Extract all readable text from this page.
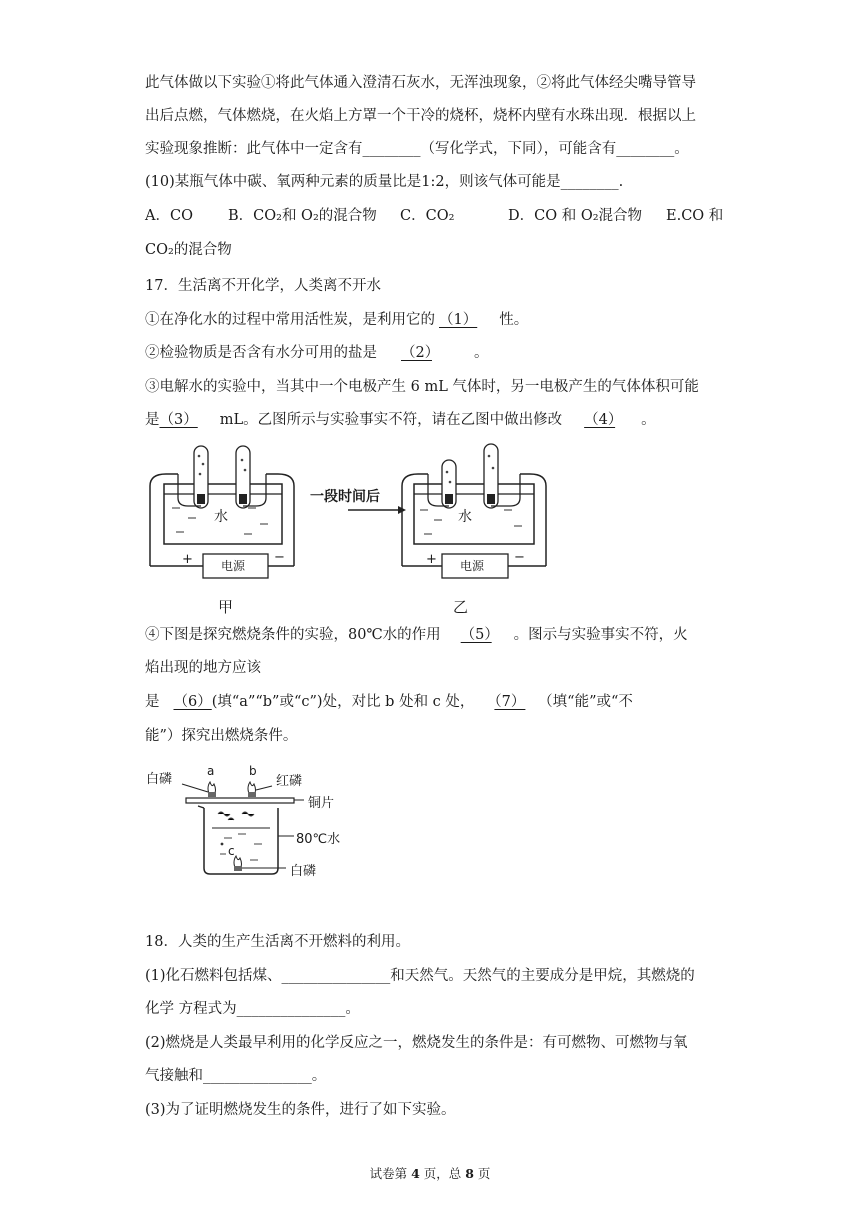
此气体做以下实验①将此气体通入澄清石灰水，无浑浊现象，②将此气体经尖嘴导管导
出后点燃，气体燃烧，在火焰上方罩一个干冷的烧杯，烧杯内壁有水珠出现．根据以上
实验现象推断：此气体中一定含有________（写化学式，下同），可能含有________。
(10)某瓶气体中碳、氧两种元素的质量比是1:2，则该气体可能是________.
A．CO B．CO₂和 O₂的混合物 C．CO₂	D．CO 和 O₂混合物 E.CO 和
CO₂的混合物
17．生活离不开化学，人类离不开水
①在净化水的过程中常用活性炭，是利用它的 （1） 性。
②检验物质是否含有水分可用的盐是 （2）	。
③电解水的实验中，当其中一个电极产生 6 mL 气体时，另一电极产生的气体体积可能
是（3） mL。乙图所示与实验事实不符，请在乙图中做出修改 （4） 。
水
电源
+	−
一段时间后
水
电源
+	−
甲	乙
④下图是探究燃烧条件的实验，80℃水的作用 （5） 。图示与实验事实不符，火
焰出现的地方应该
是 （6）(填“a”“b”或“c”)处，对比 b 处和 c 处， （7） （填“能”或“不
能”）探究出燃烧条件。
白磷
a	b
红磷
铜片
80℃水
c
白磷
18．人类的生产生活离不开燃料的利用。
(1)化石燃料包括煤、_______________和天然气。天然气的主要成分是甲烷，其燃烧的
化学 方程式为_______________。
(2)燃烧是人类最早利用的化学反应之一，燃烧发生的条件是：有可燃物、可燃物与氧
气接触和_______________。
(3)为了证明燃烧发生的条件，进行了如下实验。
试卷第 4 页，总 8 页
